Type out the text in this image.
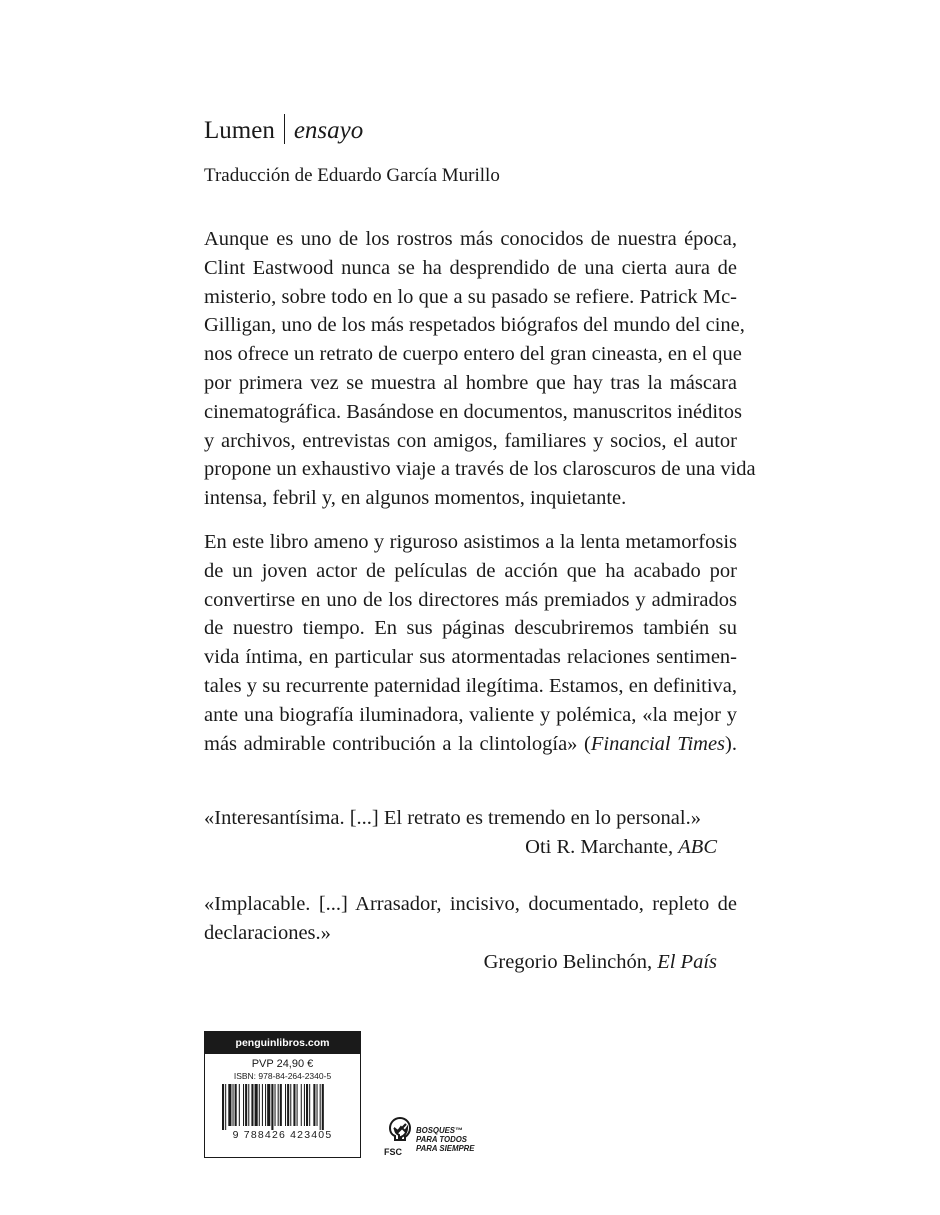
Lumen ensayo
Traducción de Eduardo García Murillo
Aunque es uno de los rostros más conocidos de nuestra época,
Clint Eastwood nunca se ha desprendido de una cierta aura de
misterio, sobre todo en lo que a su pasado se refiere. Patrick Mc-
Gilligan, uno de los más respetados biógrafos del mundo del cine,
nos ofrece un retrato de cuerpo entero del gran cineasta, en el que
por primera vez se muestra al hombre que hay tras la máscara
cinematográfica. Basándose en documentos, manuscritos inéditos
y archivos, entrevistas con amigos, familiares y socios, el autor
propone un exhaustivo viaje a través de los claroscuros de una vida
intensa, febril y, en algunos momentos, inquietante.
En este libro ameno y riguroso asistimos a la lenta metamorfosis
de un joven actor de películas de acción que ha acabado por
convertirse en uno de los directores más premiados y admirados
de nuestro tiempo. En sus páginas descubriremos también su
vida íntima, en particular sus atormentadas relaciones sentimen-
tales y su recurrente paternidad ilegítima. Estamos, en definitiva,
ante una biografía iluminadora, valiente y polémica, «la mejor y
más admirable contribución a la clintología» (Financial Times).
«Interesantísima. [...] El retrato es tremendo en lo personal.»
Oti R. Marchante, ABC
«Implacable. [...] Arrasador, incisivo, documentado, repleto de
declaraciones.»
Gregorio Belinchón, El País
penguinlibros.com
PVP 24,90 €
ISBN: 978-84-264-2340-5
9 788426 423405
FSC
BOSQUES™
PARA TODOS
PARA SIEMPRE
